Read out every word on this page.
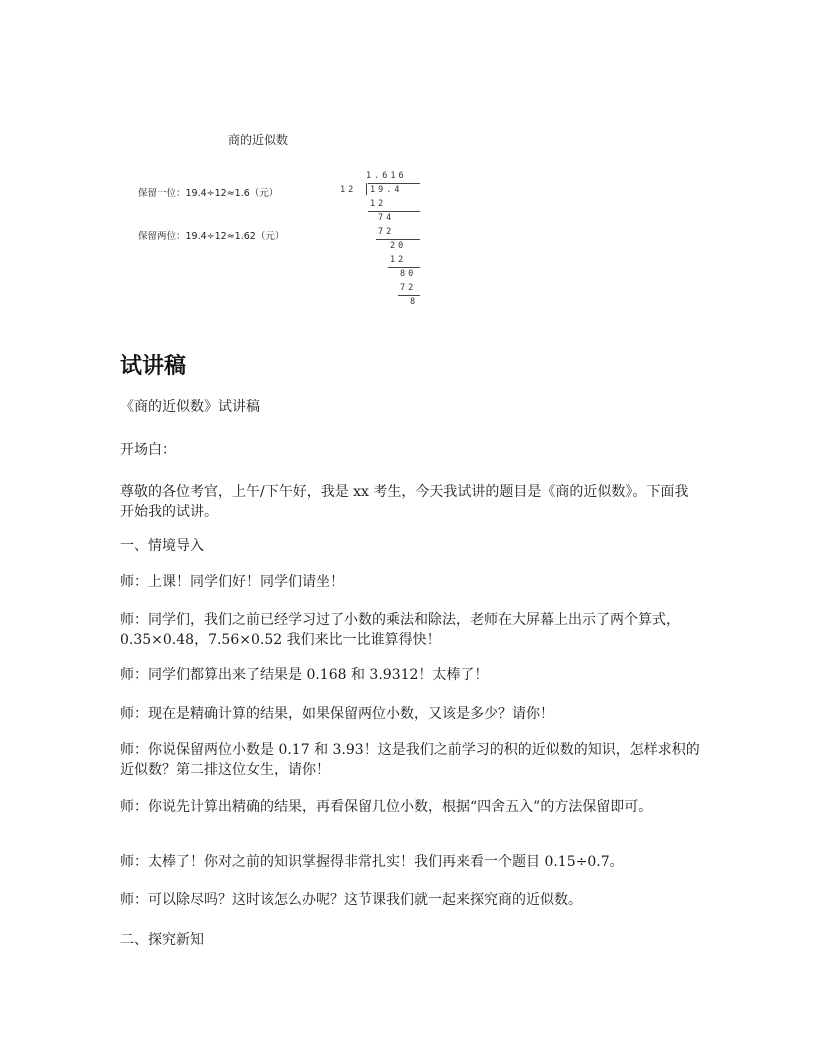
商的近似数
保留一位：19.4÷12≈1.6（元）
保留两位：19.4÷12≈1.62（元）
1.616
12 19.4
12
74
72
20
12
80
72
8
试讲稿

《商的近似数》试讲稿

开场白：

尊敬的各位考官，上午/下午好，我是 xx 考生，今天我试讲的题目是《商的近似数》。下面我开始我的试讲。

一、情境导入

师：上课！同学们好！同学们请坐！

师：同学们，我们之前已经学习过了小数的乘法和除法，老师在大屏幕上出示了两个算式，0.35×0.48，7.56×0.52 我们来比一比谁算得快！

师：同学们都算出来了结果是 0.168 和 3.9312！太棒了！

师：现在是精确计算的结果，如果保留两位小数，又该是多少？请你！

师：你说保留两位小数是 0.17 和 3.93！这是我们之前学习的积的近似数的知识，怎样求积的近似数？第二排这位女生，请你！

师：你说先计算出精确的结果，再看保留几位小数，根据“四舍五入”的方法保留即可。

师：太棒了！你对之前的知识掌握得非常扎实！我们再来看一个题目 0.15÷0.7。

师：可以除尽吗？这时该怎么办呢？这节课我们就一起来探究商的近似数。

二、探究新知
